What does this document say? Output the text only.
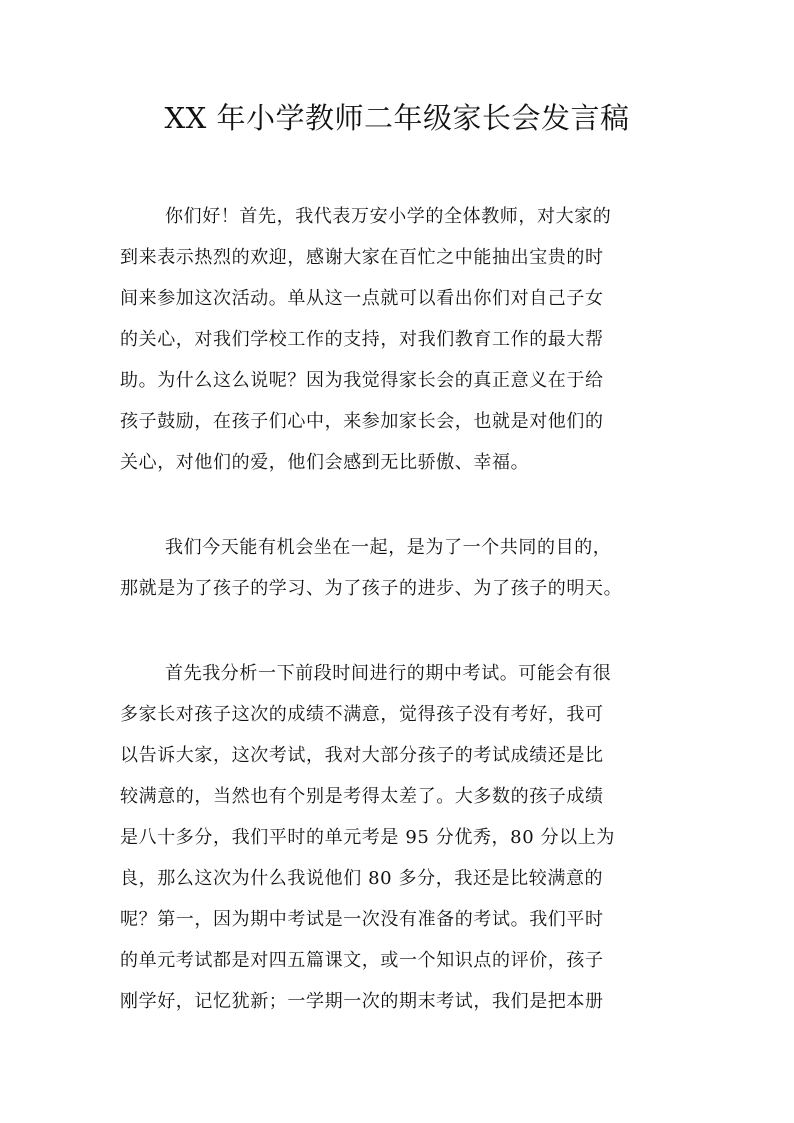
XX 年小学教师二年级家长会发言稿
你们好！首先，我代表万安小学的全体教师，对大家的
到来表示热烈的欢迎，感谢大家在百忙之中能抽出宝贵的时
间来参加这次活动。单从这一点就可以看出你们对自己子女
的关心，对我们学校工作的支持，对我们教育工作的最大帮
助。为什么这么说呢？因为我觉得家长会的真正意义在于给
孩子鼓励，在孩子们心中，来参加家长会，也就是对他们的
关心，对他们的爱，他们会感到无比骄傲、幸福。
我们今天能有机会坐在一起，是为了一个共同的目的，
那就是为了孩子的学习、为了孩子的进步、为了孩子的明天。
首先我分析一下前段时间进行的期中考试。可能会有很
多家长对孩子这次的成绩不满意，觉得孩子没有考好，我可
以告诉大家，这次考试，我对大部分孩子的考试成绩还是比
较满意的，当然也有个别是考得太差了。大多数的孩子成绩
是八十多分，我们平时的单元考是 95 分优秀，80 分以上为
良，那么这次为什么我说他们 80 多分，我还是比较满意的
呢？第一，因为期中考试是一次没有准备的考试。我们平时
的单元考试都是对四五篇课文，或一个知识点的评价，孩子
刚学好，记忆犹新；一学期一次的期末考试，我们是把本册
